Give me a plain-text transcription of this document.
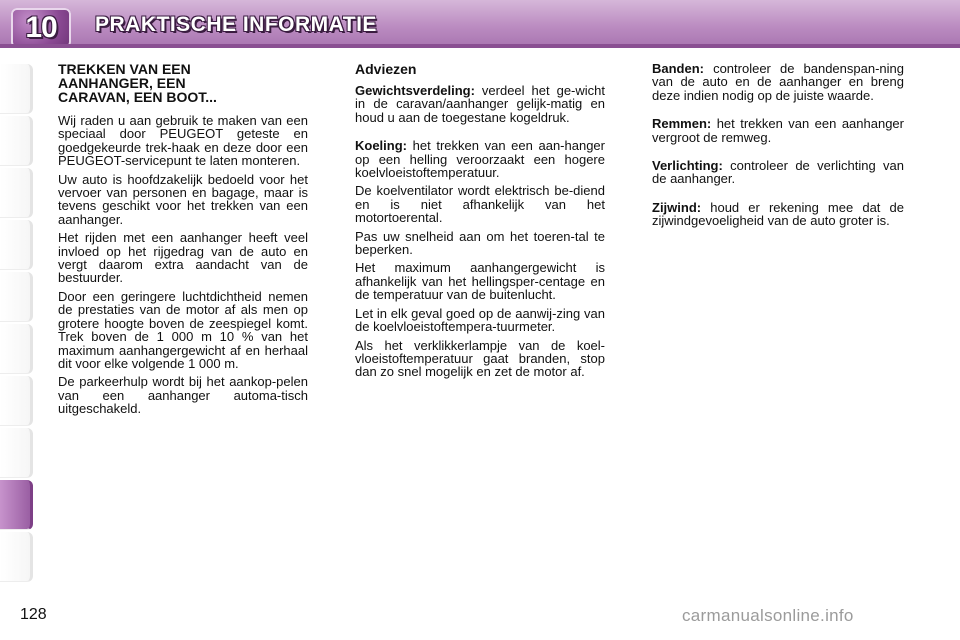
10 PRAKTISCHE INFORMATIE
TREKKEN VAN EEN AANHANGER, EEN CARAVAN, EEN BOOT...

Wij raden u aan gebruik te maken van een speciaal door PEUGEOT geteste en goedgekeurde trek-haak en deze door een PEUGEOT-servicepunt te laten monteren.

Uw auto is hoofdzakelijk bedoeld voor het vervoer van personen en bagage, maar is tevens geschikt voor het trekken van een aanhanger.

Het rijden met een aanhanger heeft veel invloed op het rijgedrag van de auto en vergt daarom extra aandacht van de bestuurder.

Door een geringere luchtdichtheid nemen de prestaties van de motor af als men op grotere hoogte boven de zeespiegel komt. Trek boven de 1 000 m 10 % van het maximum aanhangergewicht af en herhaal dit voor elke volgende 1 000 m.

De parkeerhulp wordt bij het aankop-pelen van een aanhanger automa-tisch uitgeschakeld.

Adviezen

Gewichtsverdeling: verdeel het ge-wicht in de caravan/aanhanger gelijk-matig en houd u aan de toegestane kogeldruk.

Koeling: het trekken van een aan-hanger op een helling veroorzaakt een hogere koelvloeistoftemperatuur.

De koelventilator wordt elektrisch be-diend en is niet afhankelijk van het motortoerental.

Pas uw snelheid aan om het toeren-tal te beperken.

Het maximum aanhangergewicht is afhankelijk van het hellingsper-centage en de temperatuur van de buitenlucht.

Let in elk geval goed op de aanwij-zing van de koelvloeistoftempera-tuurmeter.

Als het verklikkerlampje van de koel-vloeistoftemperatuur gaat branden, stop dan zo snel mogelijk en zet de motor af.

Banden: controleer de bandenspan-ning van de auto en de aanhanger en breng deze indien nodig op de juiste waarde.

Remmen: het trekken van een aanhanger vergroot de remweg.

Verlichting: controleer de verlichting van de aanhanger.

Zijwind: houd er rekening mee dat de zijwindgevoeligheid van de auto groter is.

128	carmanualsonline.info
